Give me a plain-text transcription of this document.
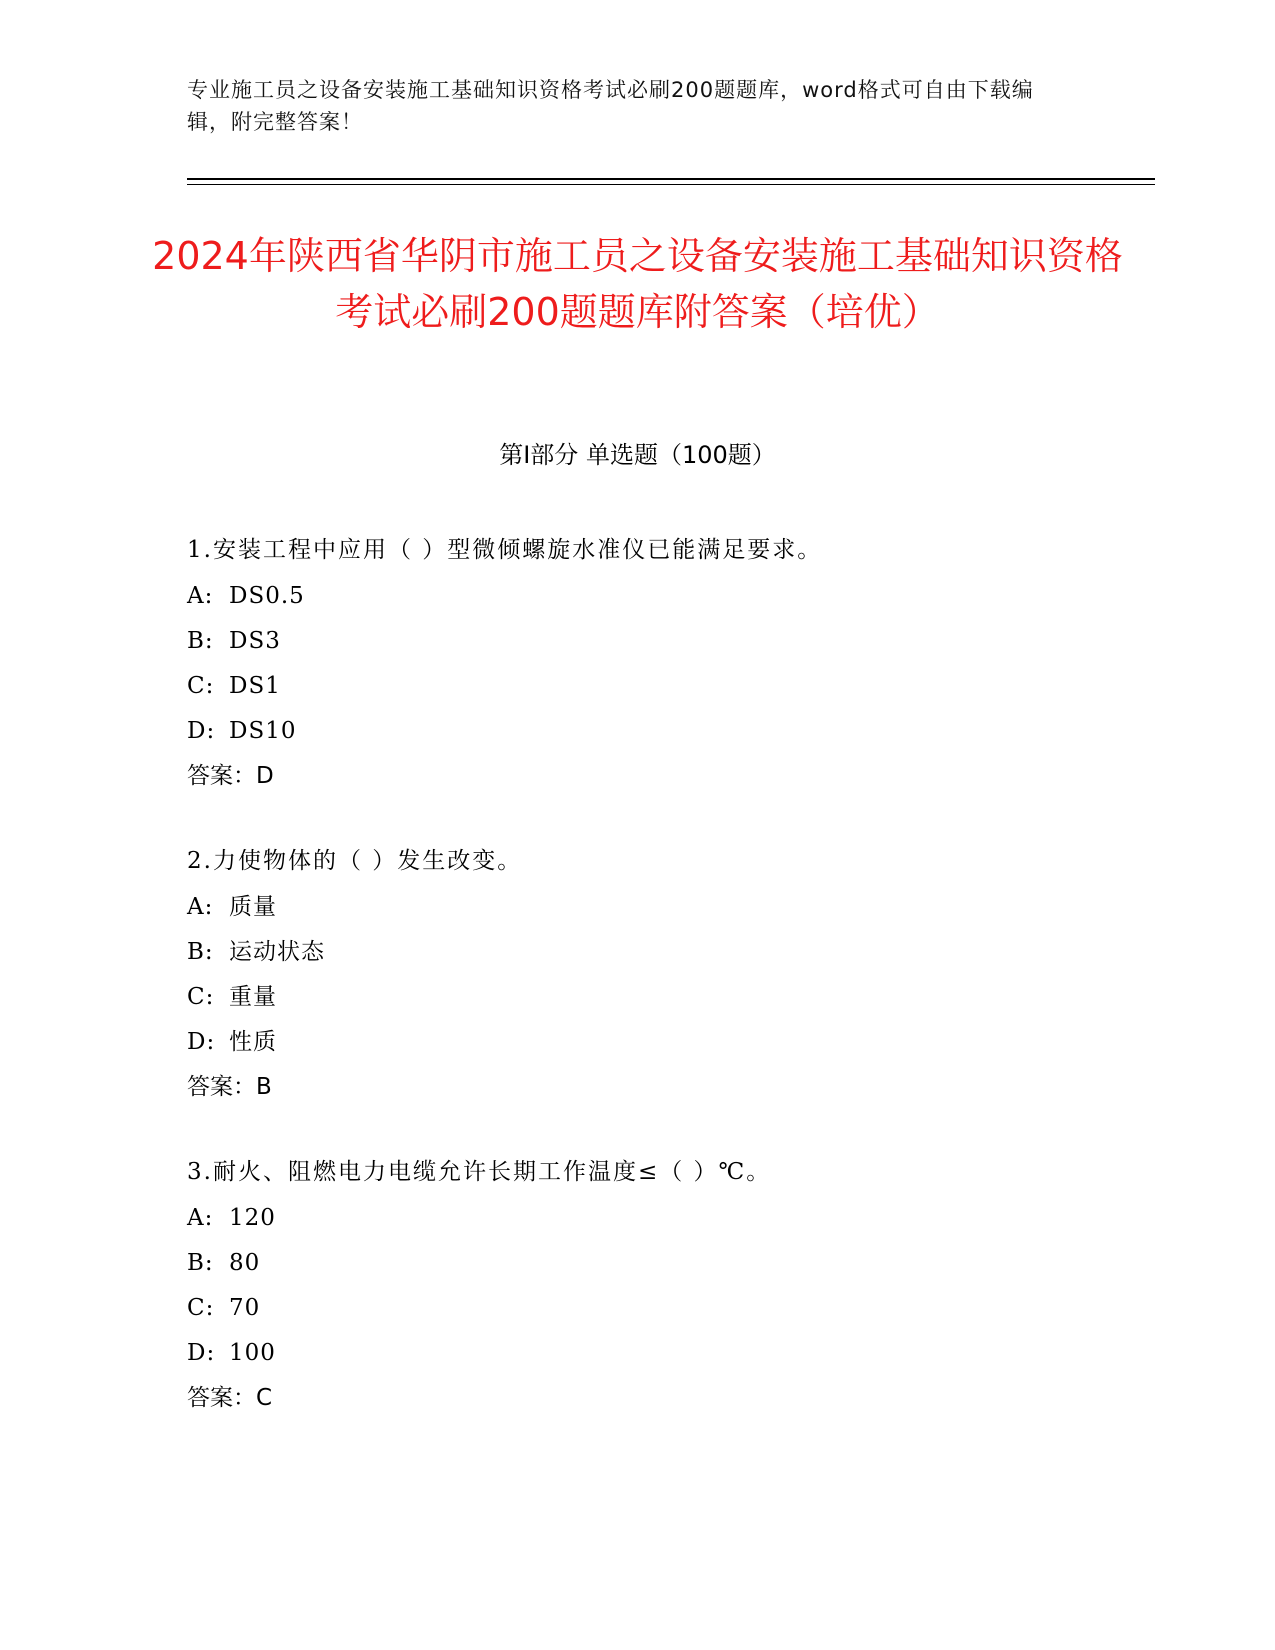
专业施工员之设备安装施工基础知识资格考试必刷200题题库，word格式可自由下载编辑，附完整答案！
2024年陕西省华阴市施工员之设备安装施工基础知识资格考试必刷200题题库附答案（培优）
第I部分 单选题（100题）
1.安装工程中应用（ ）型微倾螺旋水准仪已能满足要求。
A: DS0.5
B: DS3
C: DS1
D: DS10
答案：D
2.力使物体的（ ）发生改变。
A: 质量
B: 运动状态
C: 重量
D: 性质
答案：B
3.耐火、阻燃电力电缆允许长期工作温度≤（ ）℃。
A: 120
B: 80
C: 70
D: 100
答案：C
